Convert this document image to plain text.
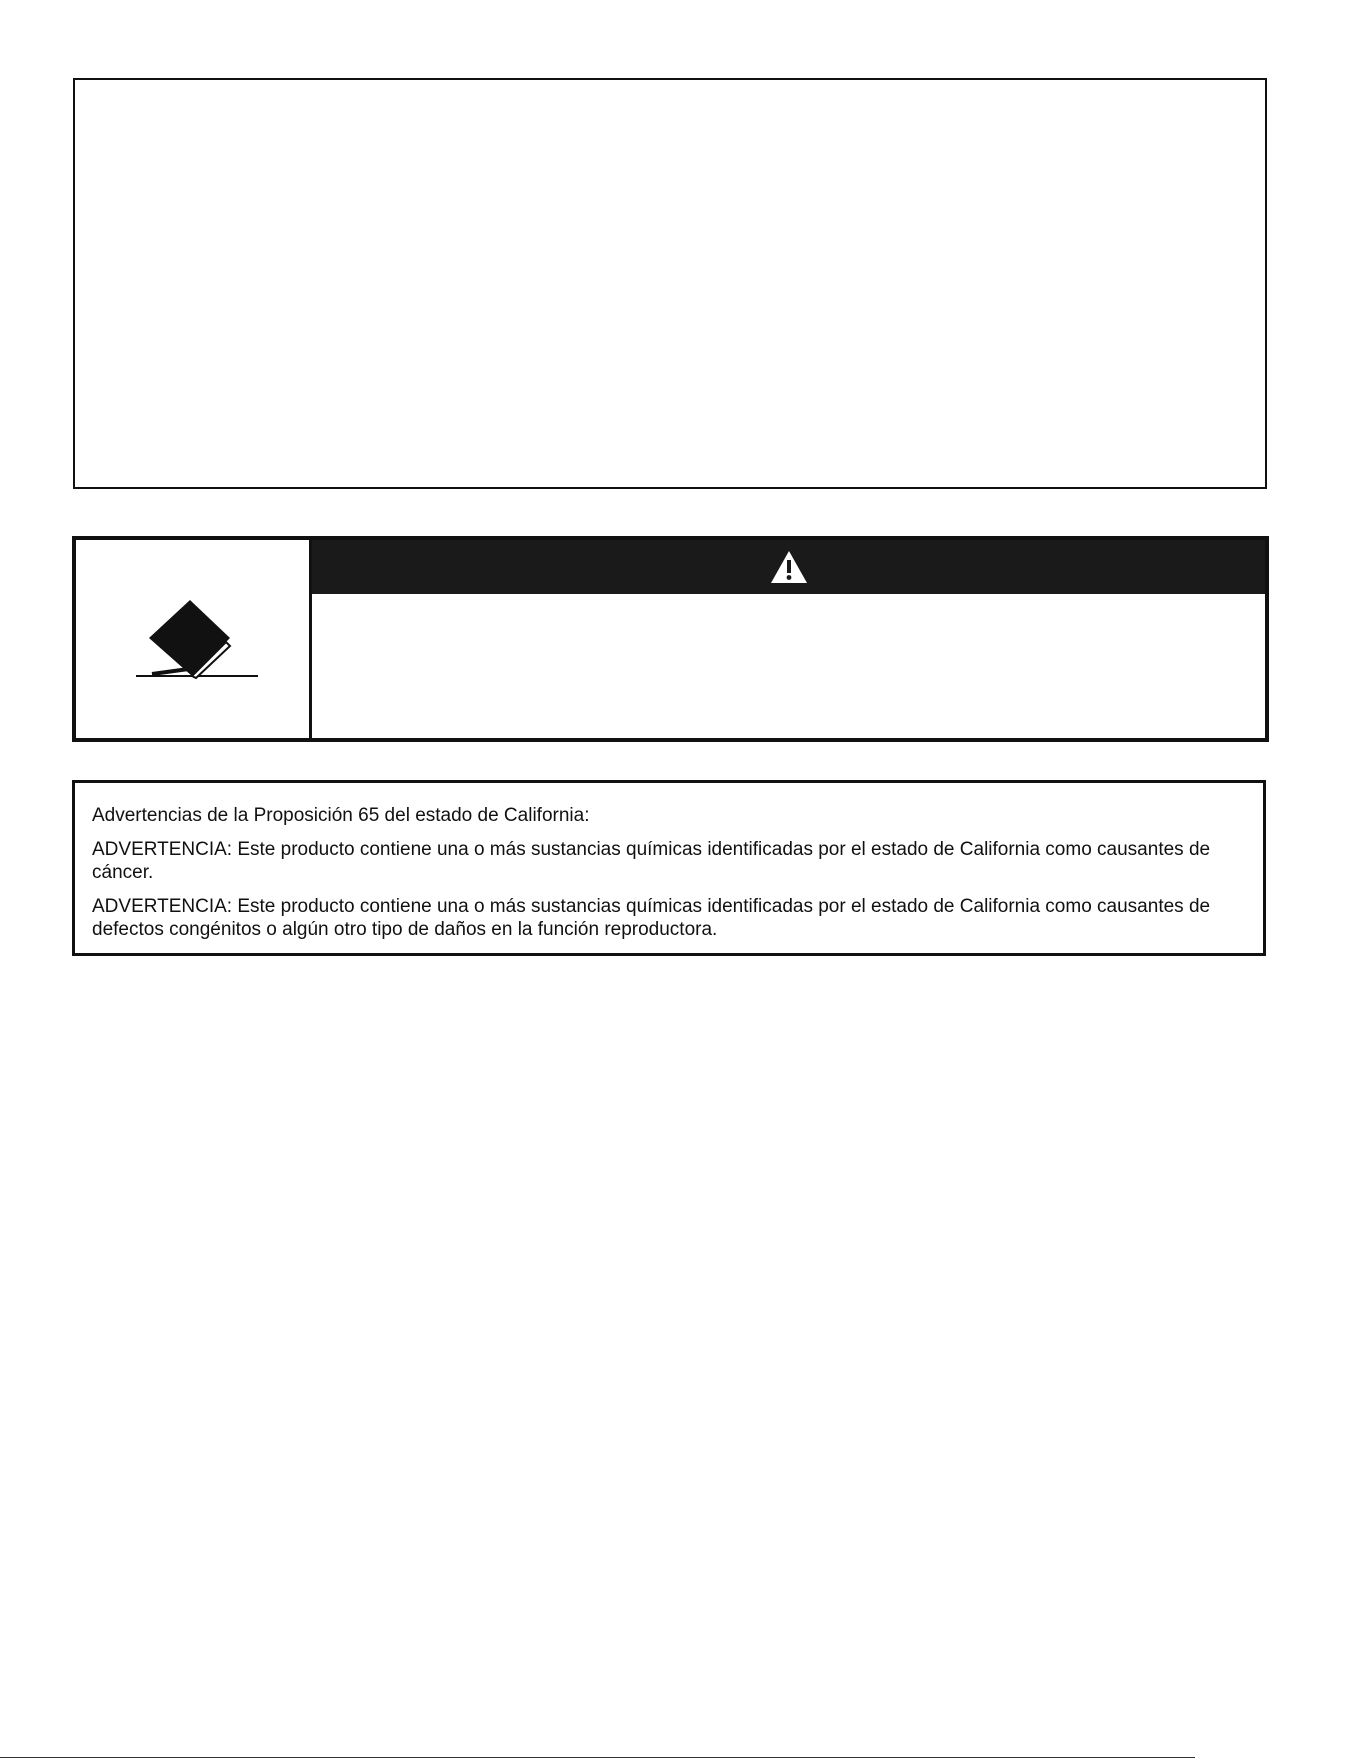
Advertencias de la Proposición 65 del estado de California:

ADVERTENCIA: Este producto contiene una o más sustancias químicas identificadas por el estado de California como causantes de cáncer.

ADVERTENCIA: Este producto contiene una o más sustancias químicas identificadas por el estado de California como causantes de defectos congénitos o algún otro tipo de daños en la función reproductora.
